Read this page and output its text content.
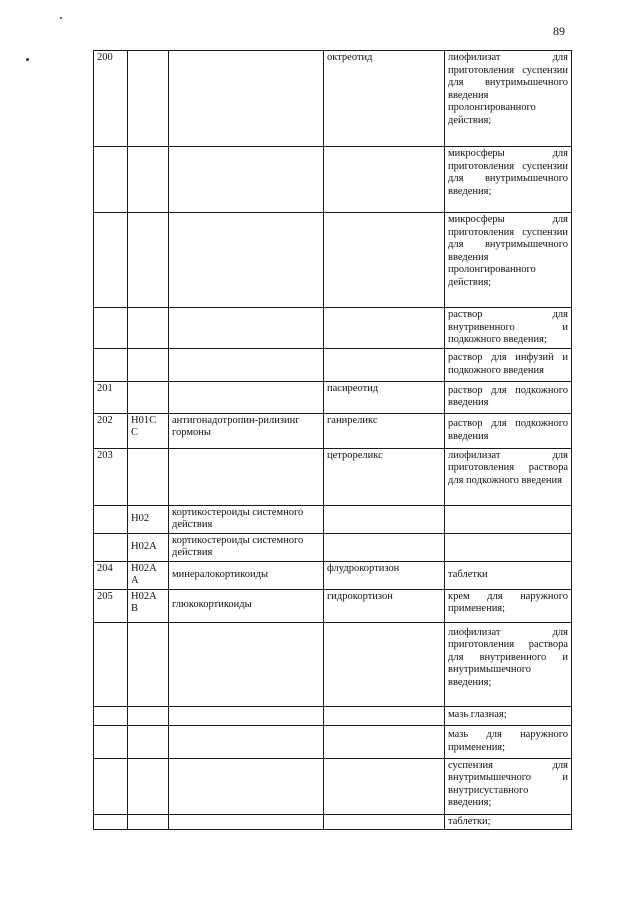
89
200			октреотид	лиофилизат для приготовления суспензии для внутримышечного введения пролонгированного действия;
				микросферы для приготовления суспензии для внутримышечного введения;
				микросферы для приготовления суспензии для внутримышечного введения пролонгированного действия;
				раствор для внутривенного и подкожного введения;
				раствор для инфузий и подкожного введения
201			пасиреотид	раствор для подкожного введения
202	H01C C	антигонадотропин-рилизинг гормоны	ганиреликс	раствор для подкожного введения
203			цетрореликс	лиофилизат для приготовления раствора для подкожного введения
	H02	кортикостероиды системного действия		
	H02A	кортикостероиды системного действия		
204	H02A A	минералокортикоиды	флудрокортизон	таблетки
205	H02A B	глюкокортикоиды	гидрокортизон	крем для наружного применения;
				лиофилизат для приготовления раствора для внутривенного и внутримышечного введения;
				мазь глазная;
				мазь для наружного применения;
				суспензия для внутримышечного и внутрисуставного введения;
				таблетки;
